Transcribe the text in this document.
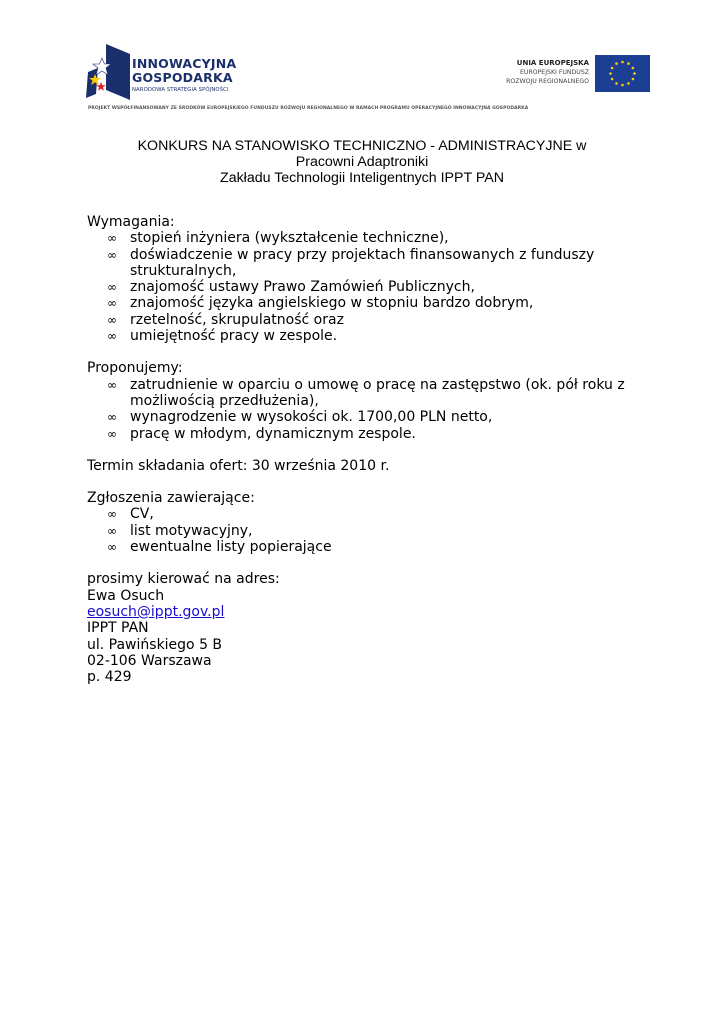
INNOWACYJNA
GOSPODARKA
NARODOWA STRATEGIA SPÓJNOŚCI
UNIA EUROPEJSKA
EUROPEJSKI FUNDUSZ
ROZWOJU REGIONALNEGO
PROJEKT WSPÓŁFINANSOWANY ZE ŚRODKÓW EUROPEJSKIEGO FUNDUSZU ROZWOJU REGIONALNEGO W RAMACH PROGRAMU OPERACYJNEGO INNOWACYJNA GOSPODARKA
KONKURS NA STANOWISKO TECHNICZNO - ADMINISTRACYJNE w
Pracowni Adaptroniki
Zakładu Technologii Inteligentnych IPPT PAN
Wymagania:
∞ stopień inżyniera (wykształcenie techniczne),
∞ doświadczenie w pracy przy projektach finansowanych z funduszy strukturalnych,
∞ znajomość ustawy Prawo Zamówień Publicznych,
∞ znajomość języka angielskiego w stopniu bardzo dobrym,
∞ rzetelność, skrupulatność oraz
∞ umiejętność pracy w zespole.
Proponujemy:
∞ zatrudnienie w oparciu o umowę o pracę na zastępstwo (ok. pół roku z możliwością przedłużenia),
∞ wynagrodzenie w wysokości ok. 1700,00 PLN netto,
∞ pracę w młodym, dynamicznym zespole.
Termin składania ofert: 30 września 2010 r.
Zgłoszenia zawierające:
∞ CV,
∞ list motywacyjny,
∞ ewentualne listy popierające
prosimy kierować na adres:
Ewa Osuch
eosuch@ippt.gov.pl
IPPT PAN
ul. Pawińskiego 5 B
02-106 Warszawa
p. 429
